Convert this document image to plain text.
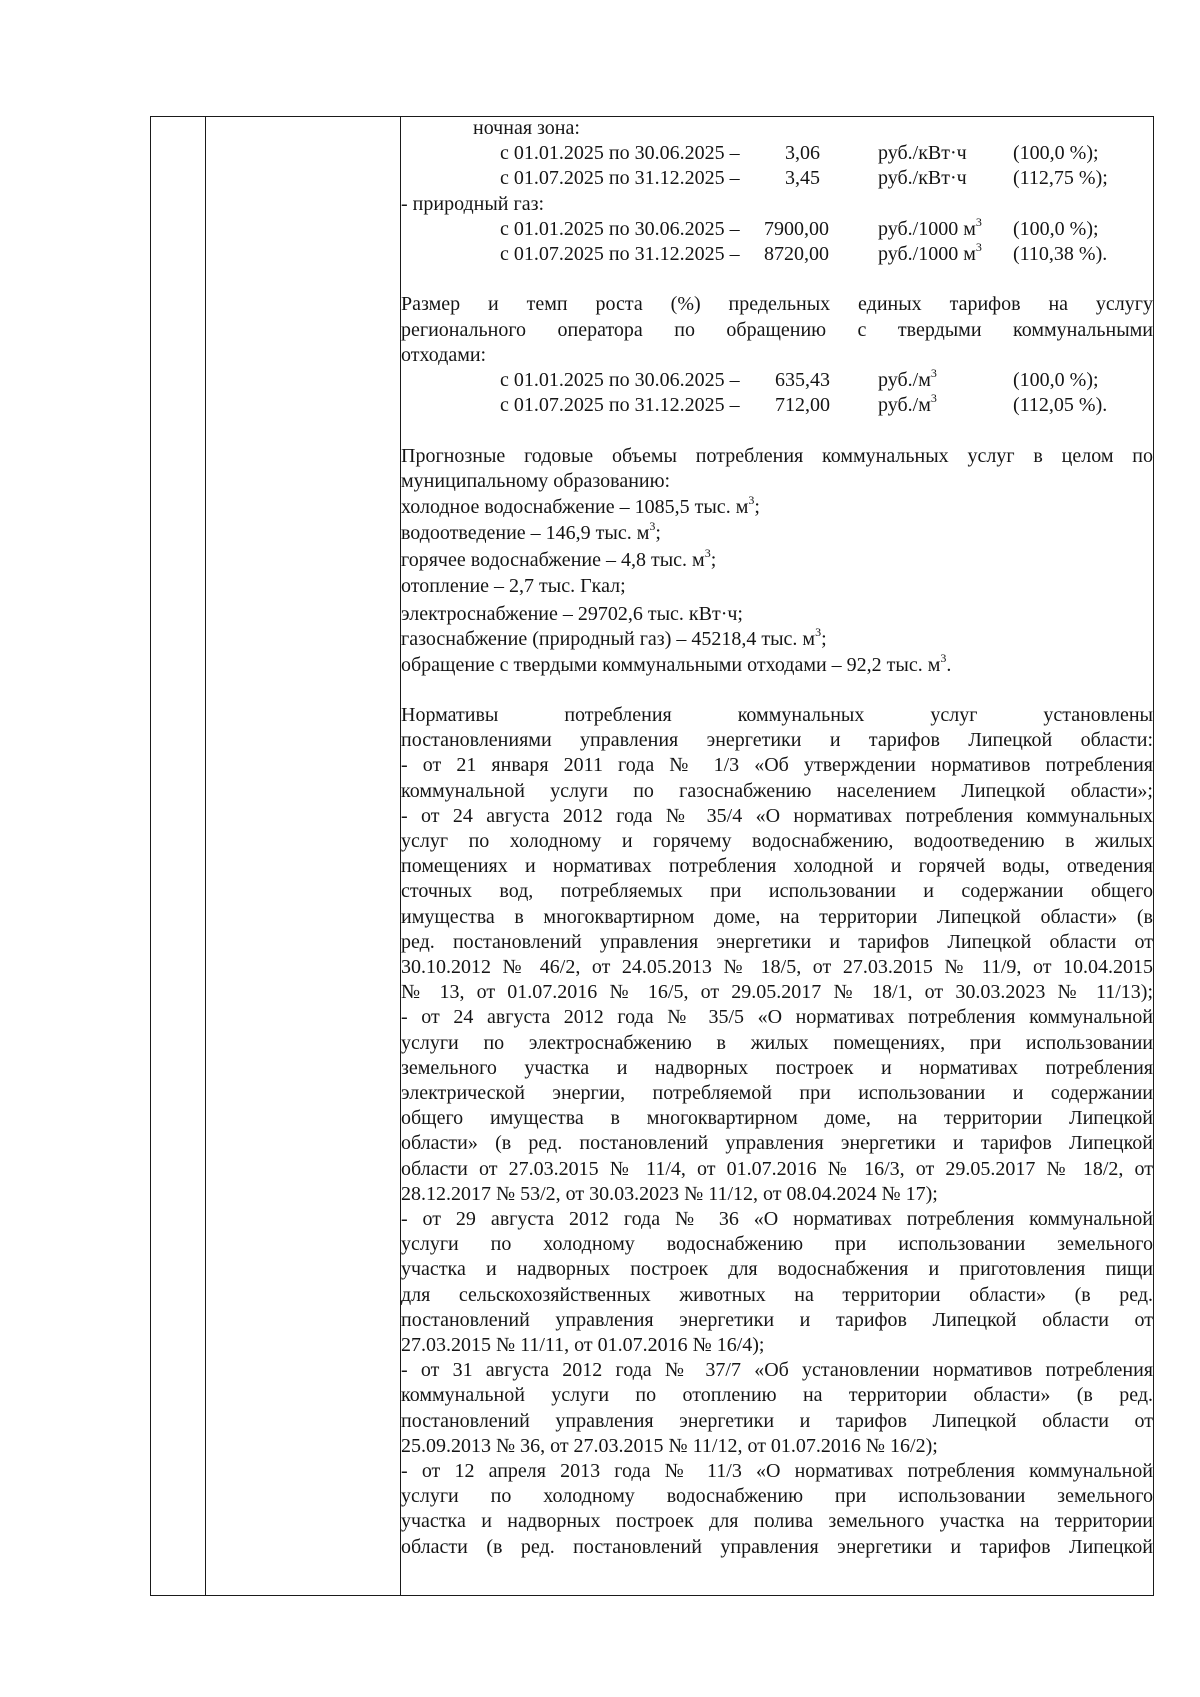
ночная зона:
с 01.01.2025 по 30.06.2025 – 3,06	руб./кВт·ч (100,0 %);
с 01.07.2025 по 31.12.2025 – 3,45	руб./кВт·ч (112,75 %);
- природный газ:
с 01.01.2025 по 30.06.2025 – 7900,00 руб./1000 $м^3$ (100,0 %);
с 01.07.2025 по 31.12.2025 – 8720,00 руб./1000 $м^3$ (110,38 %).
Размер и темп роста (%) предельных единых тарифов на услугу
регионального оператора по обращению с твердыми коммунальными
отходами:
с 01.01.2025 по 30.06.2025 – 635,43 $руб./м^3$	(100,0 %);
с 01.07.2025 по 31.12.2025 – 712,00 $руб./м^3$	(112,05 %).
Прогнозные годовые объемы потребления коммунальных услуг в целом по
муниципальному образованию:
холодное водоснабжение – 1085,5 тыс. $м^3$;
водоотведение – 146,9 тыс. $м^3$;
горячее водоснабжение – 4,8 тыс. $м^3$;
отопление – 2,7 тыс. Гкал;
электроснабжение – 29702,6 тыс. кВт·ч;
газоснабжение (природный газ) – 45218,4 тыс. $м^3$;
обращение с твердыми коммунальными отходами – 92,2 тыс. $м^3$.
Нормативы потребления коммунальных услуг установлены
постановлениями управления энергетики и тарифов Липецкой области:
- от 21 января 2011 года № 1/3 «Об утверждении нормативов потребления
коммунальной услуги по газоснабжению населением Липецкой области»;
- от 24 августа 2012 года № 35/4 «О нормативах потребления коммунальных
услуг по холодному и горячему водоснабжению, водоотведению в жилых
помещениях и нормативах потребления холодной и горячей воды, отведения
сточных вод, потребляемых при использовании и содержании общего
имущества в многоквартирном доме, на территории Липецкой области» (в
ред. постановлений управления энергетики и тарифов Липецкой области от
30.10.2012 № 46/2, от 24.05.2013 № 18/5, от 27.03.2015 № 11/9, от 10.04.2015
№ 13, от 01.07.2016 № 16/5, от 29.05.2017 № 18/1, от 30.03.2023 № 11/13);
- от 24 августа 2012 года № 35/5 «О нормативах потребления коммунальной
услуги по электроснабжению в жилых помещениях, при использовании
земельного участка и надворных построек и нормативах потребления
электрической энергии, потребляемой при использовании и содержании
общего имущества в многоквартирном доме, на территории Липецкой
области» (в ред. постановлений управления энергетики и тарифов Липецкой
области от 27.03.2015 № 11/4, от 01.07.2016 № 16/3, от 29.05.2017 № 18/2, от
28.12.2017 № 53/2, от 30.03.2023 № 11/12, от 08.04.2024 № 17);
- от 29 августа 2012 года № 36 «О нормативах потребления коммунальной
услуги по холодному водоснабжению при использовании земельного
участка и надворных построек для водоснабжения и приготовления пищи
для сельскохозяйственных животных на территории области» (в ред.
постановлений управления энергетики и тарифов Липецкой области от
27.03.2015 № 11/11, от 01.07.2016 № 16/4);
- от 31 августа 2012 года № 37/7 «Об установлении нормативов потребления
коммунальной услуги по отоплению на территории области» (в ред.
постановлений управления энергетики и тарифов Липецкой области от
25.09.2013 № 36, от 27.03.2015 № 11/12, от 01.07.2016 № 16/2);
- от 12 апреля 2013 года № 11/3 «О нормативах потребления коммунальной
услуги по холодному водоснабжению при использовании земельного
участка и надворных построек для полива земельного участка на территории
области (в ред. постановлений управления энергетики и тарифов Липецкой
